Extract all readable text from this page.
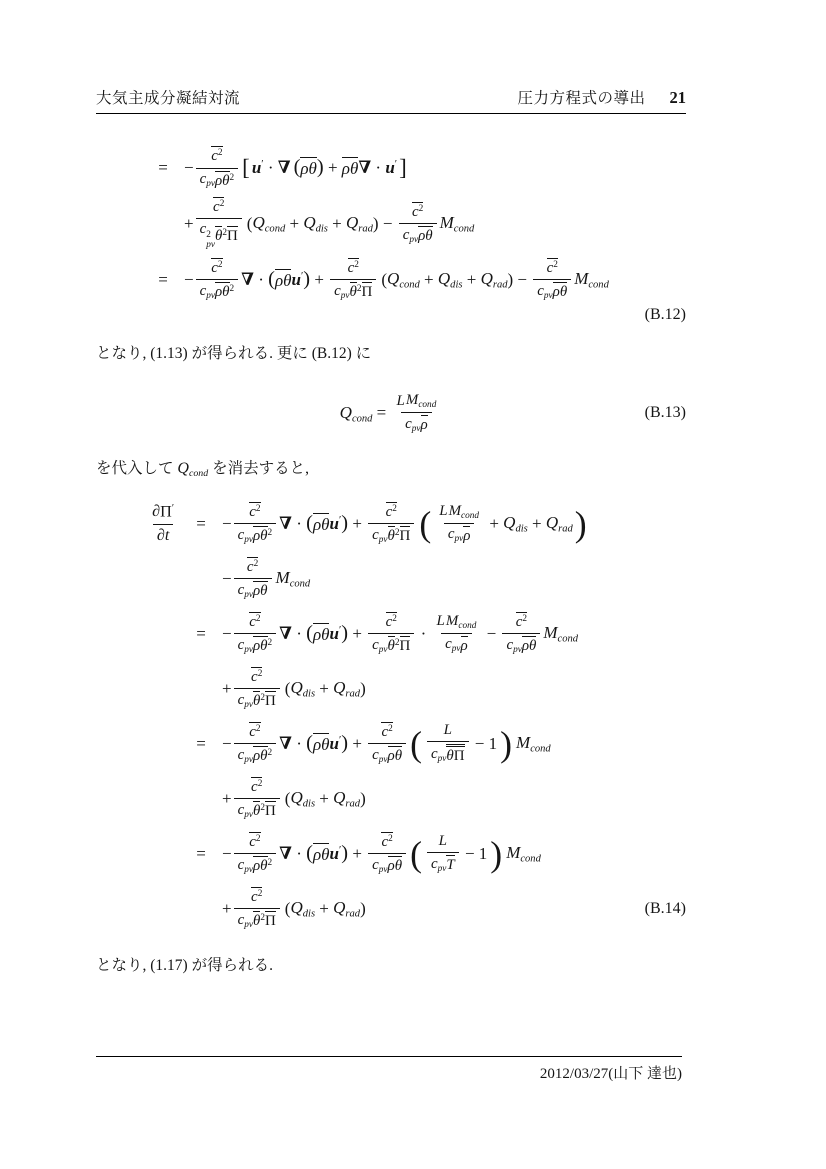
大気主成分凝結対流	圧力方程式の導出 21
= −
$c^2$
cpv ρ θ $^2$ [ u′ · ∇ ( ρ θ ) + ρ θ ∇ · u′ ]
+
$c^2$
c 2
pv
θ $^2$ Π
( Qcond + Qdis + Qrad ) −
$c^2$
cpv ρ θ
Mcond
= −
$c^2$
cpv ρ θ $^2$
∇ · ( ρ θ u′ ) +
$c^2$
cpv θ $^2$ Π
( Qcond + Qdis + Qrad ) −
$c^2$
cpv ρ θ
Mcond
(B.12)

となり, (1.13) が得られる. 更に (B.12) に

Qcond =
L Mcond
cpv ρ
(B.13)

を代入して Qcond を消去すると,

∂ Π′
∂ t
= −
$c^2$
cpv ρ θ $^2$
∇ · ( ρ θ u′ ) +
$c^2$
cpv θ $^2$ Π ( L Mcond
cpv ρ
+ Qdis + Qrad )
−
$c^2$
cpv ρ θ
Mcond
= −
$c^2$
cpv ρ θ $^2$
∇ · ( ρ θ u′ ) +
$c^2$
cpv θ $^2$ Π
·
L Mcond
cpv ρ
−
$c^2$
cpv ρ θ
Mcond
+
$c^2$
cpv θ $^2$ Π
( Qdis + Qrad )
= −
$c^2$
cpv ρ θ $^2$
∇ · ( ρ θ u′ ) +
$c^2$
cpv ρ θ ( L
cpv θ Π
− 1 ) Mcond
+
$c^2$
cpv θ $^2$ Π
( Qdis + Qrad )
= −
$c^2$
cpv ρ θ $^2$
∇ · ( ρ θ u′ ) +
$c^2$
cpv ρ θ ( L
cpv T
− 1 ) Mcond
+
$c^2$
cpv θ $^2$ Π
( Qdis + Qrad )	(B.14)

となり, (1.17) が得られる.

2012/03/27(山下 達也)
